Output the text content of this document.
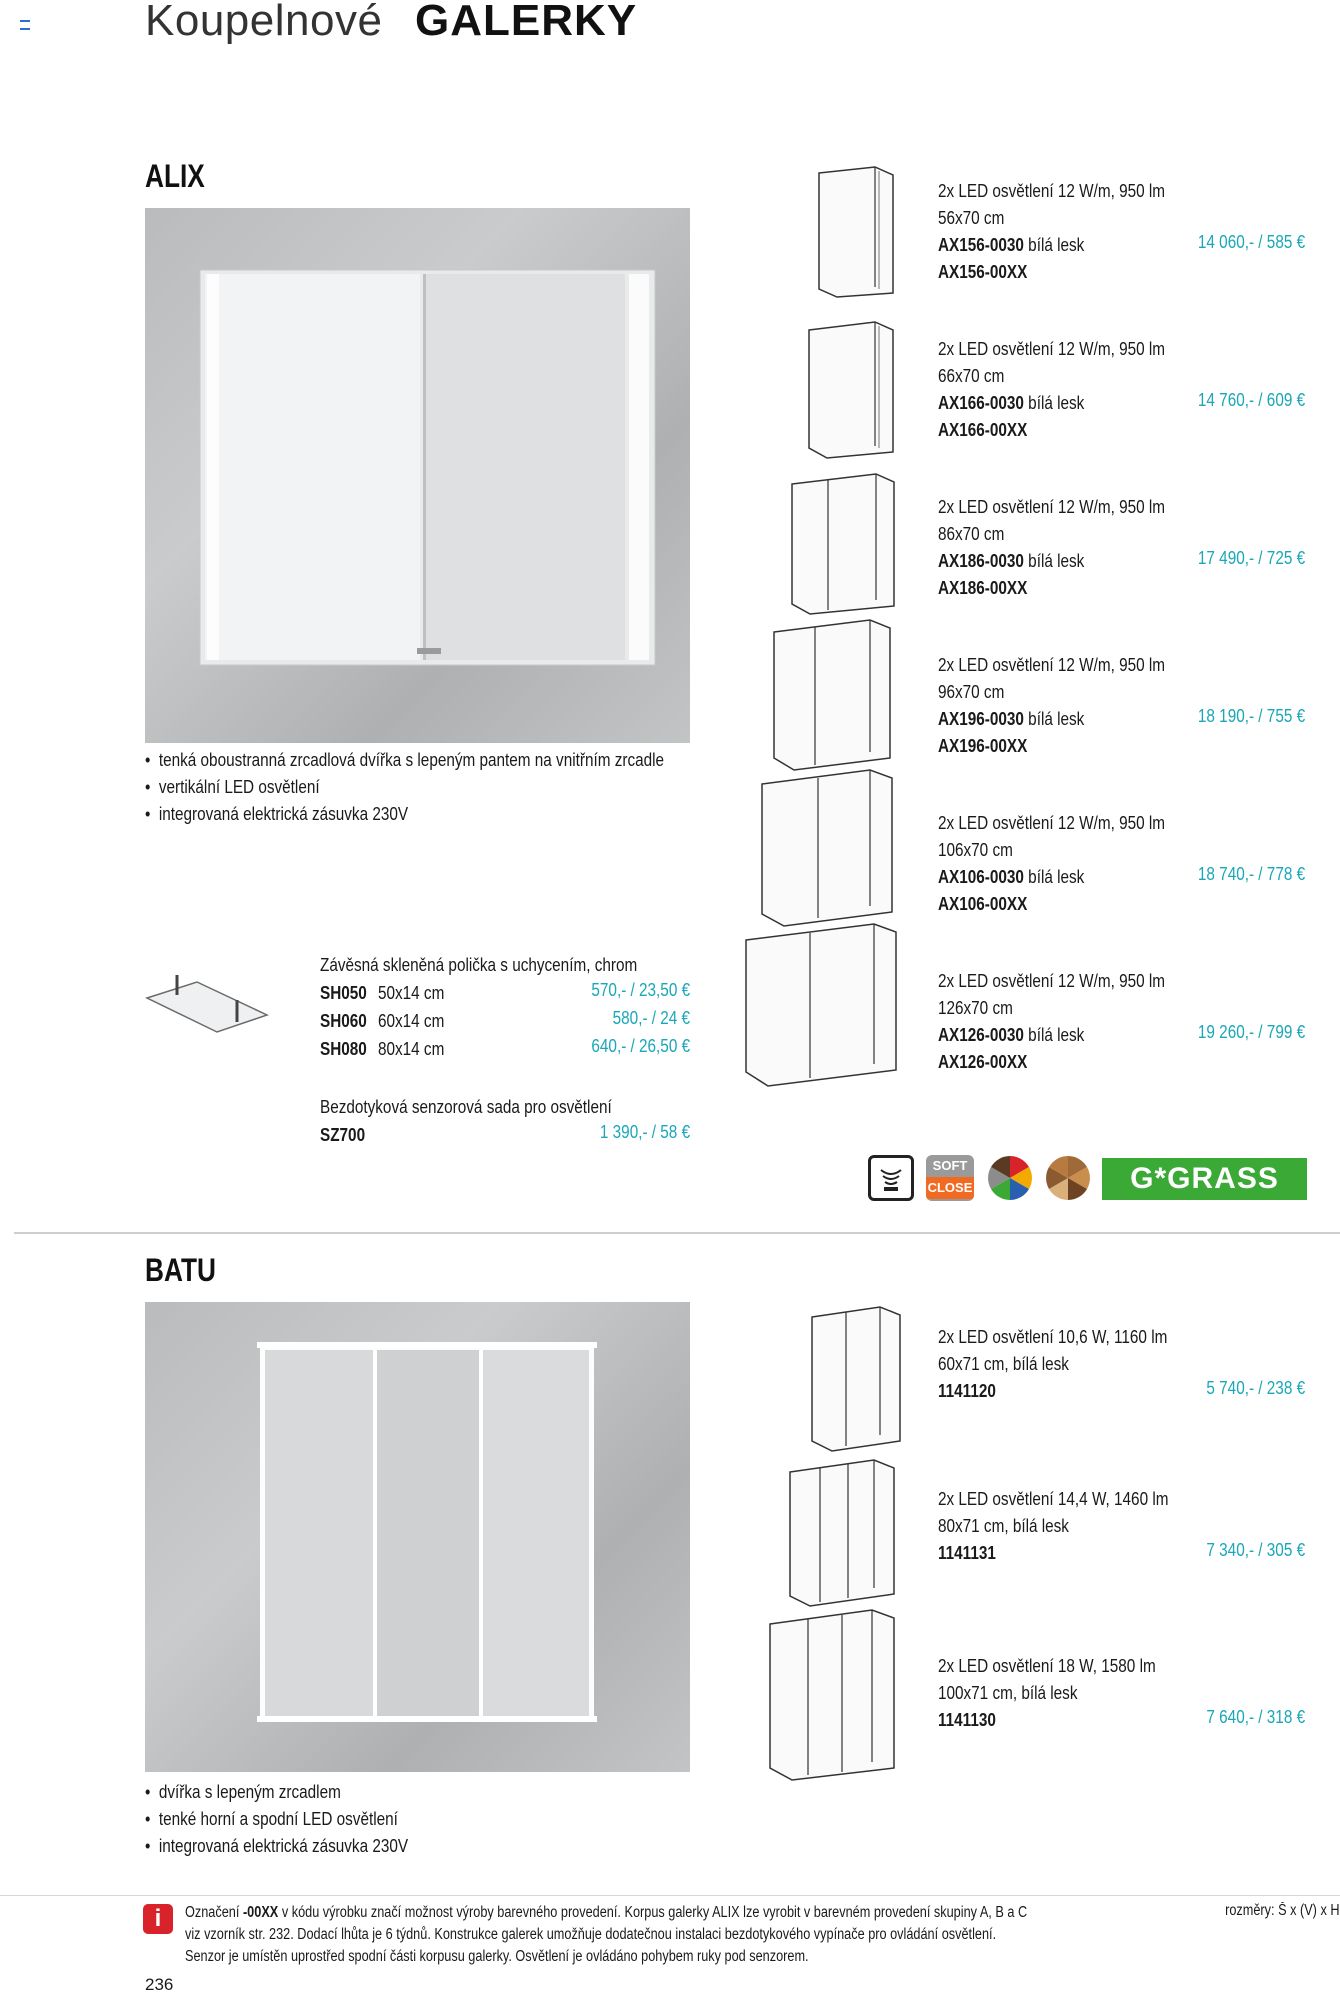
Koupelnové GALERKY
ALIX
• tenká oboustranná zrcadlová dvířka s lepeným pantem na vnitřním zrcadle
• vertikální LED osvětlení
• integrovaná elektrická zásuvka 230V
Závěsná skleněná polička s uchycením, chrom
SH050 50x14 cm	570,- / 23,50 €
SH060 60x14 cm	580,- / 24 €
SH080 80x14 cm	640,- / 26,50 €
Bezdotyková senzorová sada pro osvětlení
SZ700	1 390,- / 58 €
2x LED osvětlení 12 W/m, 950 lm
56x70 cm
AX156-0030 bílá lesk
AX156-00XX
14 060,- / 585 €
2x LED osvětlení 12 W/m, 950 lm
66x70 cm
AX166-0030 bílá lesk
AX166-00XX
14 760,- / 609 €
2x LED osvětlení 12 W/m, 950 lm
86x70 cm
AX186-0030 bílá lesk
AX186-00XX
17 490,- / 725 €
2x LED osvětlení 12 W/m, 950 lm
96x70 cm
AX196-0030 bílá lesk
AX196-00XX
18 190,- / 755 €
2x LED osvětlení 12 W/m, 950 lm
106x70 cm
AX106-0030 bílá lesk
AX106-00XX
18 740,- / 778 €
2x LED osvětlení 12 W/m, 950 lm
126x70 cm
AX126-0030 bílá lesk
AX126-00XX
19 260,- / 799 €
SOFT
CLOSE	G*GRASS
BATU
• dvířka s lepeným zrcadlem
• tenké horní a spodní LED osvětlení
• integrovaná elektrická zásuvka 230V
2x LED osvětlení 10,6 W, 1160 lm
60x71 cm, bílá lesk
1141120	5 740,- / 238 €
2x LED osvětlení 14,4 W, 1460 lm
80x71 cm, bílá lesk
1141131	7 340,- / 305 €
2x LED osvětlení 18 W, 1580 lm
100x71 cm, bílá lesk
1141130	7 640,- / 318 €
i	Označení -00XX v kódu výrobku značí možnost výroby barevného provedení. Korpus galerky ALIX lze vyrobit v barevném provedení skupiny A, B a C
viz vzorník str. 232. Dodací lhůta je 6 týdnů. Konstrukce galerek umožňuje dodatečnou instalaci bezdotykového vypínače pro ovládání osvětlení.
Senzor je umístěn uprostřed spodní části korpusu galerky. Osvětlení je ovládáno pohybem ruky pod senzorem.
rozměry: Š x (V) x H
236
